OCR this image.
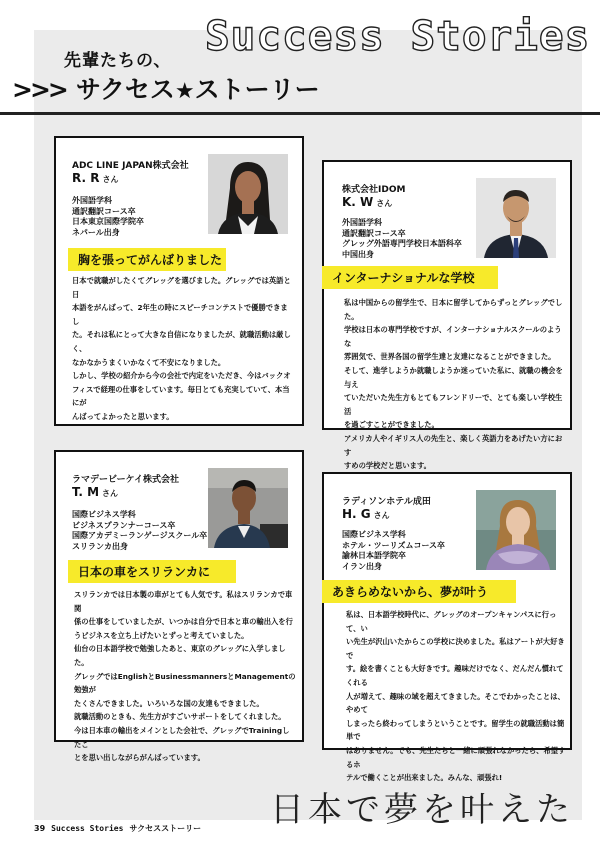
Success Stories
先輩たちの、
>>> サクセス★ストーリー
ADC LINE JAPAN株式会社
R. R さん
外国語学科
通訳翻訳コース卒
日本東京国際学院卒
ネパール出身
胸を張ってがんばりました
日本で就職がしたくてグレッグを選びました。グレッグでは英語と日
本語をがんばって、2年生の時にスピーチコンテストで優勝できまし
た。それは私にとって大きな自信になりましたが、就職活動は厳しく、
なかなかうまくいかなくて不安になりました。
しかし、学校の紹介から今の会社で内定をいただき、今はバックオ
フィスで経理の仕事をしています。毎日とても充実していて、本当にが
んばってよかったと思います。
株式会社IDOM
K. W さん
外国語学科
通訳翻訳コース卒
グレッグ外語専門学校日本語科卒
中国出身
インターナショナルな学校
私は中国からの留学生で、日本に留学してからずっとグレッグでした。
学校は日本の専門学校ですが、インターナショナルスクールのような
雰囲気で、世界各国の留学生達と友達になることができました。
そして、進学しようか就職しようか迷っていた私に、就職の機会を与え
ていただいた先生方もとてもフレンドリーで、とても楽しい学校生活
を過ごすことができました。
アメリカ人やイギリス人の先生と、楽しく英語力をあげたい方におす
すめの学校だと思います。
ラマデービーケイ株式会社
T. M さん
国際ビジネス学科
ビジネスプランナーコース卒
国際アカデミーランゲージスクール卒
スリランカ出身
日本の車をスリランカに
スリランカでは日本製の車がとても人気です。私はスリランカで車関
係の仕事をしていましたが、いつかは自分で日本と車の輸出入を行
うビジネスを立ち上げたいとずっと考えていました。
仙台の日本語学校で勉強したあと、東京のグレッグに入学しました。
グレッグではEnglishとBusinessmannersとManagementの勉強が
たくさんできました。いろいろな国の友達もできました。
就職活動のときも、先生方がすごいサポートをしてくれました。
今は日本車の輸出をメインとした会社で、グレッグでTrainingしたこ
とを思い出しながらがんばっています。
ラディソンホテル成田
H. G さん
国際ビジネス学科
ホテル・ツーリズムコース卒
諭林日本語学院卒
イラン出身
あきらめないから、夢が叶う
私は、日本語学校時代に、グレッグのオープンキャンパスに行って、い
い先生が沢山いたからこの学校に決めました。私はアートが大好きで
す。絵を書くことも大好きです。趣味だけでなく、だんだん慣れてくれる
人が増えて、趣味の域を超えてきました。そこでわかったことは、やめて
しまったら終わってしまうということです。留学生の就職活動は簡単で
はありません。でも、先生たちと一緒に頑張れなかったら、希望するホ
テルで働くことが出来ました。みんな、頑張れ!
日本で夢を叶えた
39 Success Stories サクセスストーリー
